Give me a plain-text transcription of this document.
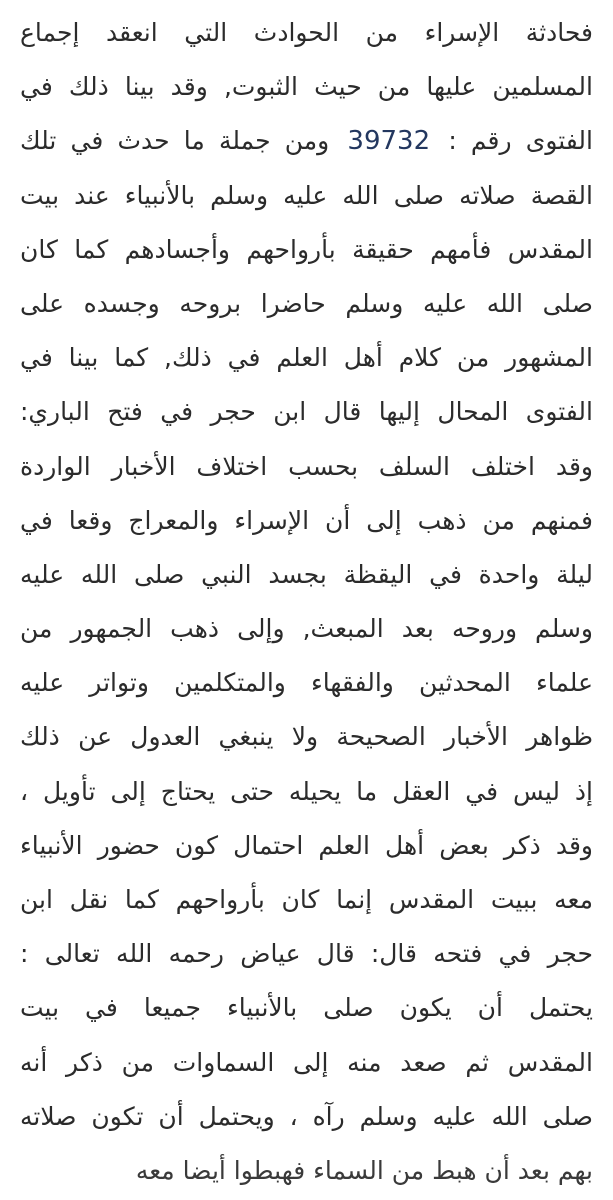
فحادثة الإسراء من الحوادث التي انعقد إجماع
المسلمين عليها من حيث الثبوت, وقد بينا ذلك في
الفتوى رقم : 39732 ومن جملة ما حدث في تلك
القصة صلاته صلى الله عليه وسلم بالأنبياء عند بيت
المقدس فأمهم حقيقة بأرواحهم وأجسادهم كما كان
صلى الله عليه وسلم حاضرا بروحه وجسده على
المشهور من كلام أهل العلم في ذلك, كما بينا في
الفتوى المحال إليها قال ابن حجر في فتح الباري:
وقد اختلف السلف بحسب اختلاف الأخبار الواردة
فمنهم من ذهب إلى أن الإسراء والمعراج وقعا في
ليلة واحدة في اليقظة بجسد النبي صلى الله عليه
وسلم وروحه بعد المبعث, وإلى ذهب الجمهور من
علماء المحدثين والفقهاء والمتكلمين وتواتر عليه
ظواهر الأخبار الصحيحة ولا ينبغي العدول عن ذلك
إذ ليس في العقل ما يحيله حتى يحتاج إلى تأويل ،
وقد ذكر بعض أهل العلم احتمال كون حضور الأنبياء
معه ببيت المقدس إنما كان بأرواحهم كما نقل ابن
حجر في فتحه قال: قال عياض رحمه الله تعالى :
يحتمل أن يكون صلى بالأنبياء جميعا في بيت
المقدس ثم صعد منه إلى السماوات من ذكر أنه
صلى الله عليه وسلم رآه ، ويحتمل أن تكون صلاته
بهم بعد أن هبط من السماء فهبطوا أيضا معه
